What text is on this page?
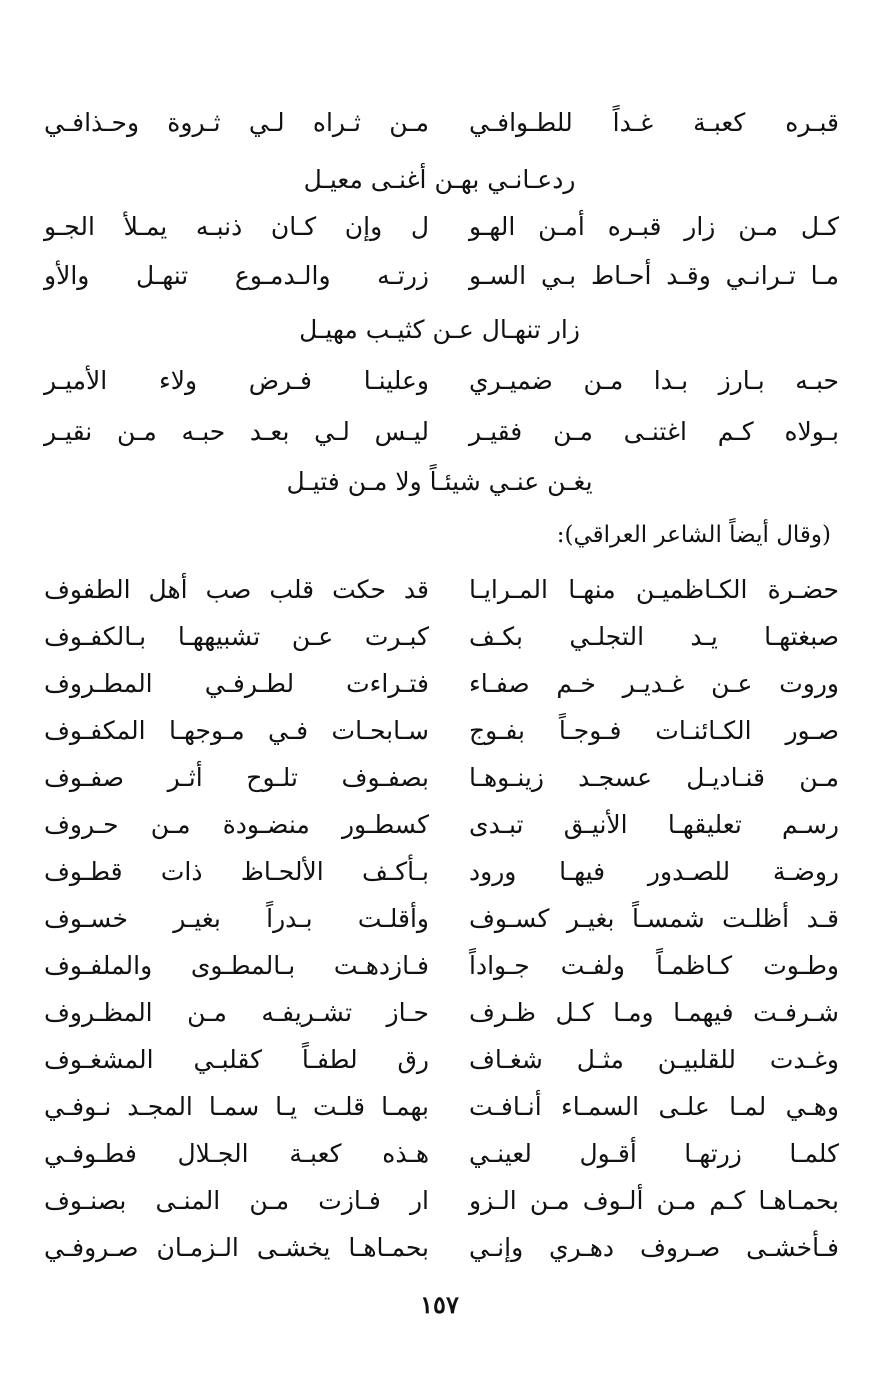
قبـره كعبـة غـداً للطـوافـي
مـن ثـراه لـي ثـروة وحـذافـي
ردعـانـي بهـن أغنـى معيـل
كـل مـن زار قبـره أمـن الهـو
ل وإن كـان ذنبـه يمـلأ الجـو
مـا تـرانـي وقـد أحـاط بـي السـو
زرتـه والـدمـوع تنهـل والأو
زار تنهـال عـن كثيـب مهيـل
حبـه بـارز بـدا مـن ضميـري
وعلينـا فـرض ولاء الأميـر
بـولاه كـم اغتنـى مـن فقيـر
ليـس لـي بعـد حبـه مـن نقيـر
يغـن عنـي شيئـاً ولا مـن فتيـل
(وقال أيضاً الشاعر العراقي):
حضـرة الكـاظميـن منهـا المـرايـا
قد حكت قلب صب أهل الطفوف
صبغتهـا يـد التجلـي بكـف
كبـرت عـن تشبيههـا بـالكفـوف
وروت عـن غـديـر خـم صفـاء
فتـراءت لطـرفـي المطـروف
صـور الكـائنـات فـوجـاً بفـوج
سـابحـات فـي مـوجهـا المكفـوف
مـن قنـاديـل عسجـد زينـوهـا
بصفـوف تلـوح أثـر صفـوف
رسـم تعليقهـا الأنيـق تبـدى
كسطـور منضـودة مـن حـروف
روضـة للصـدور فيهـا ورود
بـأكـف الألحـاظ ذات قطـوف
قـد أظلـت شمسـاً بغيـر كسـوف
وأقلـت بـدراً بغيـر خسـوف
وطـوت كـاظمـاً ولفـت جـواداً
فـازدهـت بـالمطـوى والملفـوف
شـرفـت فيهمـا ومـا كـل ظـرف
حـاز تشـريفـه مـن المظـروف
وغـدت للقلبيـن مثـل شغـاف
رق لطفـاً كقلبـي المشغـوف
وهـي لمـا علـى السمـاء أنـافـت
بهمـا قلـت يـا سمـا المجـد نـوفـي
كلمـا زرتهـا أقـول لعينـي
هـذه كعبـة الجـلال فطـوفـي
بحمـاهـا كـم مـن ألـوف مـن الـزو
ار فـازت مـن المنـى بصنـوف
فـأخشـى صـروف دهـري وإنـي
بحمـاهـا يخشـى الـزمـان صـروفـي
١٥٧
